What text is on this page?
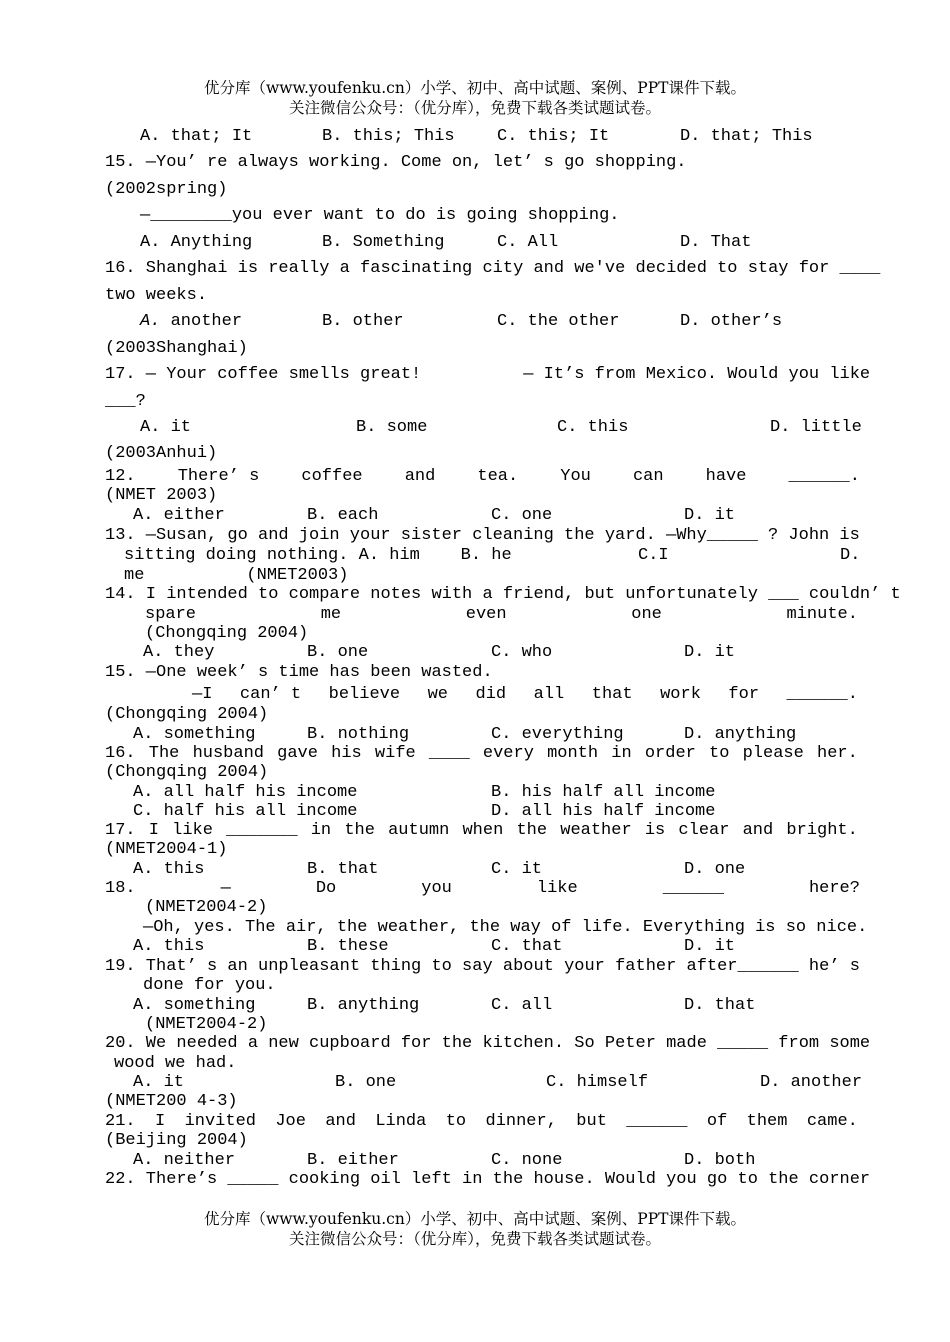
优分库（www.youfenku.cn）小学、初中、高中试题、案例、PPT课件下载。
关注微信公众号：（优分库），免费下载各类试题试卷。
A. that; It	B. this; This C. this; It	D. that; This
15. —You’ re always working. Come on, let’ s go shopping.
(2002spring)
—________you ever want to do is going shopping.
A. Anything	B. Something	C. All	D. That
16. Shanghai is really a fascinating city and we've decided to stay for ____
two weeks.
A. another	B. other	C. the other	D. other’s
(2003Shanghai)
17. — Your coffee smells great!          — It’s from Mexico. Would you like
___?
A. it	B. some	C. this	D. little
(2003Anhui)
12. There’ s coffee and tea. You can have ______.
(NMET 2003)
A. either	B. each	C. one	D. it
13. —Susan, go and join your sister cleaning the yard. —Why_____ ? John is
sitting doing nothing. A. him    B. he	C.I	D.
me          (NMET2003)
14. I intended to compare notes with a friend, but unfortunately ___ couldn’ t
spare	me	even	one	minute.
(Chongqing 2004)
A. they	B. one	C. who	D. it
15. —One week’ s time has been wasted.
—I can’ t believe we did all that work for ______.
(Chongqing 2004)
A. something	B. nothing	C. everything	D. anything
16. The husband gave his wife ____ every month in order to please her.
(Chongqing 2004)
A. all half his income	B. his half all income
C. half his all income	D. all his half income
17. I like _______ in the autumn when the weather is clear and bright.
(NMET2004-1)
A. this	B. that	C. it	D. one
18.	—	Do	you	like	______	here?
(NMET2004-2)
—Oh, yes. The air, the weather, the way of life. Everything is so nice.
A. this	B. these	C. that	D. it
19. That’ s an unpleasant thing to say about your father after______ he’ s
done for you.
A. something	B. anything	C. all	D. that
(NMET2004-2)
20. We needed a new cupboard for the kitchen. So Peter made _____ from some
wood we had.
A. it	B. one	C. himself	D. another
(NMET200 4-3)
21. I invited Joe and Linda to dinner, but ______ of them came.
(Beijing 2004)
A. neither	B. either	C. none	D. both
22. There’s _____ cooking oil left in the house. Would you go to the corner
优分库（www.youfenku.cn）小学、初中、高中试题、案例、PPT课件下载。
关注微信公众号：（优分库），免费下载各类试题试卷。
